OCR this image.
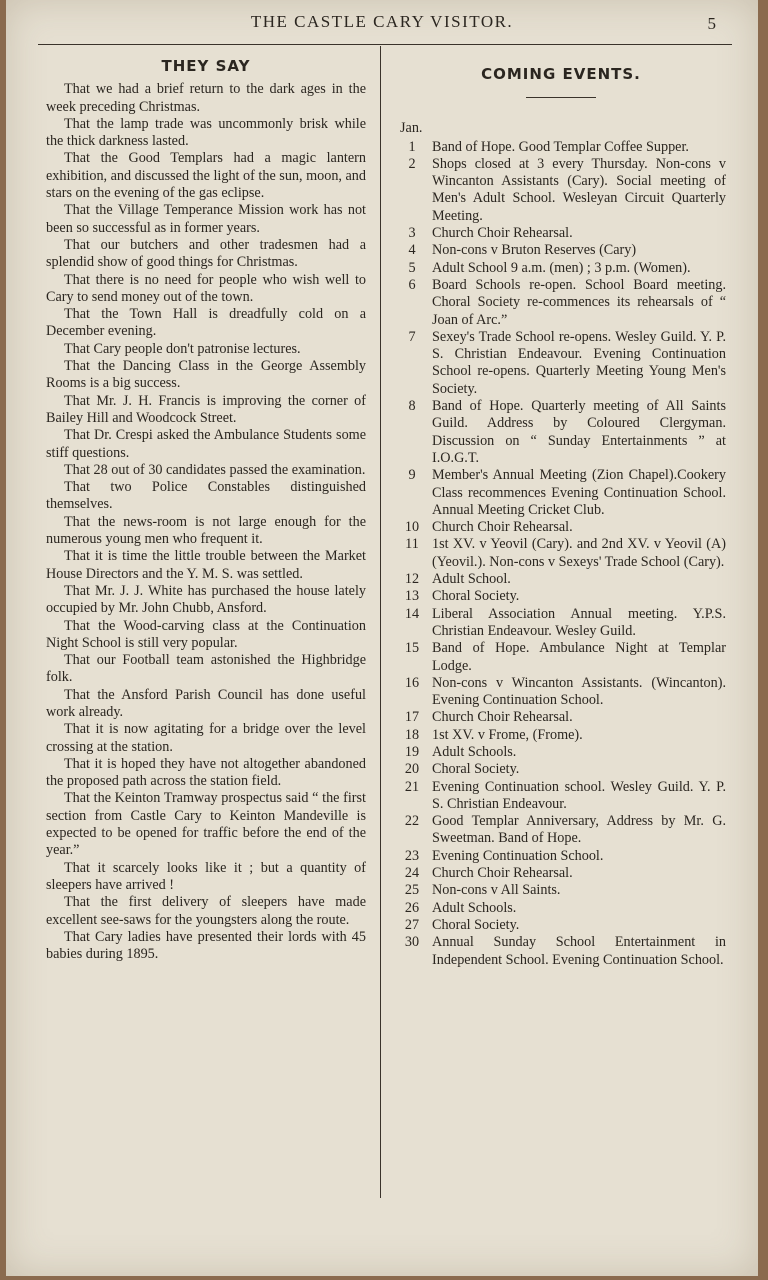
THE CASTLE CARY VISITOR.	5
THEY SAY

That we had a brief return to the dark ages in the week preceding Christmas.

That the lamp trade was uncommonly brisk while the thick darkness lasted.

That the Good Templars had a magic lantern exhibition, and discussed the light of the sun, moon, and stars on the evening of the gas eclipse.

That the Village Temperance Mission work has not been so successful as in former years.

That our butchers and other tradesmen had a splendid show of good things for Christmas.

That there is no need for people who wish well to Cary to send money out of the town.

That the Town Hall is dreadfully cold on a December evening.

That Cary people don't patronise lectures.

That the Dancing Class in the George Assembly Rooms is a big success.

That Mr. J. H. Francis is improving the corner of Bailey Hill and Woodcock Street.

That Dr. Crespi asked the Ambulance Students some stiff questions.

That 28 out of 30 candidates passed the examination.

That two Police Constables distinguished themselves.

That the news-room is not large enough for the numerous young men who frequent it.

That it is time the little trouble between the Market House Directors and the Y. M. S. was settled.

That Mr. J. J. White has purchased the house lately occupied by Mr. John Chubb, Ansford.

That the Wood-carving class at the Continuation Night School is still very popular.

That our Football team astonished the Highbridge folk.

That the Ansford Parish Council has done useful work already.

That it is now agitating for a bridge over the level crossing at the station.

That it is hoped they have not altogether abandoned the proposed path across the station field.

That the Keinton Tramway prospectus said “ the first section from Castle Cary to Keinton Mandeville is expected to be opened for traffic before the end of the year.”

That it scarcely looks like it ; but a quantity of sleepers have arrived !

That the first delivery of sleepers have made excellent see-saws for the youngsters along the route.

That Cary ladies have presented their lords with 45 babies during 1895.

COMING EVENTS.
Jan.
1	Band of Hope. Good Templar Coffee Supper.
2	Shops closed at 3 every Thursday. Non-cons v Wincanton Assistants (Cary). Social meeting of Men's Adult School. Wesleyan Circuit Quarterly Meeting.
3	Church Choir Rehearsal.
4	Non-cons v Bruton Reserves (Cary)
5	Adult School 9 a.m. (men) ; 3 p.m. (Women).
6	Board Schools re-open. School Board meeting. Choral Society re-commences its rehearsals of “ Joan of Arc.”
7	Sexey's Trade School re-opens. Wesley Guild. Y. P. S. Christian Endeavour. Evening Continuation School re-opens. Quarterly Meeting Young Men's Society.
8	Band of Hope. Quarterly meeting of All Saints Guild. Address by Coloured Clergyman. Discussion on “ Sunday Entertainments ” at I.O.G.T.
9	Member's Annual Meeting (Zion Chapel).Cookery Class recommences Evening Continuation School. Annual Meeting Cricket Club.
10 Church Choir Rehearsal.
11 1st XV. v Yeovil (Cary). and 2nd XV. v Yeovil (A) (Yeovil.). Non-cons v Sexeys' Trade School (Cary).
12 Adult School.
13 Choral Society.
14 Liberal Association Annual meeting. Y.P.S. Christian Endeavour. Wesley Guild.
15 Band of Hope. Ambulance Night at Templar Lodge.
16 Non-cons v Wincanton Assistants. (Wincanton). Evening Continuation School.
17 Church Choir Rehearsal.
18 1st XV. v Frome, (Frome).
19 Adult Schools.
20 Choral Society.
21 Evening Continuation school. Wesley Guild. Y. P. S. Christian Endeavour.
22 Good Templar Anniversary, Address by Mr. G. Sweetman. Band of Hope.
23 Evening Continuation School.
24 Church Choir Rehearsal.
25 Non-cons v All Saints.
26 Adult Schools.
27 Choral Society.
30 Annual Sunday School Entertainment in Independent School. Evening Continuation School.
